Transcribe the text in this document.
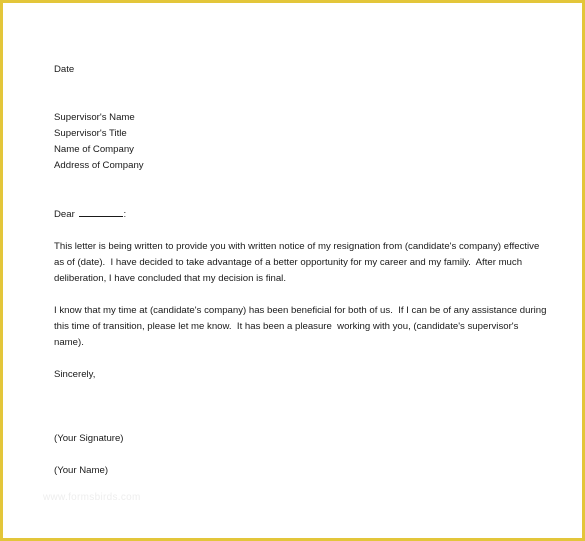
Date
Supervisor's Name
Supervisor's Title
Name of Company
Address of Company
Dear	:
This letter is being written to provide you with written notice of my resignation from (candidate's company) effective
as of (date).  I have decided to take advantage of a better opportunity for my career and my family.  After much
deliberation, I have concluded that my decision is final.
I know that my time at (candidate's company) has been beneficial for both of us.  If I can be of any assistance during
this time of transition, please let me know.  It has been a pleasure  working with you, (candidate's supervisor's
name).
Sincerely,
(Your Signature)
(Your Name)
www.formsbirds.com
